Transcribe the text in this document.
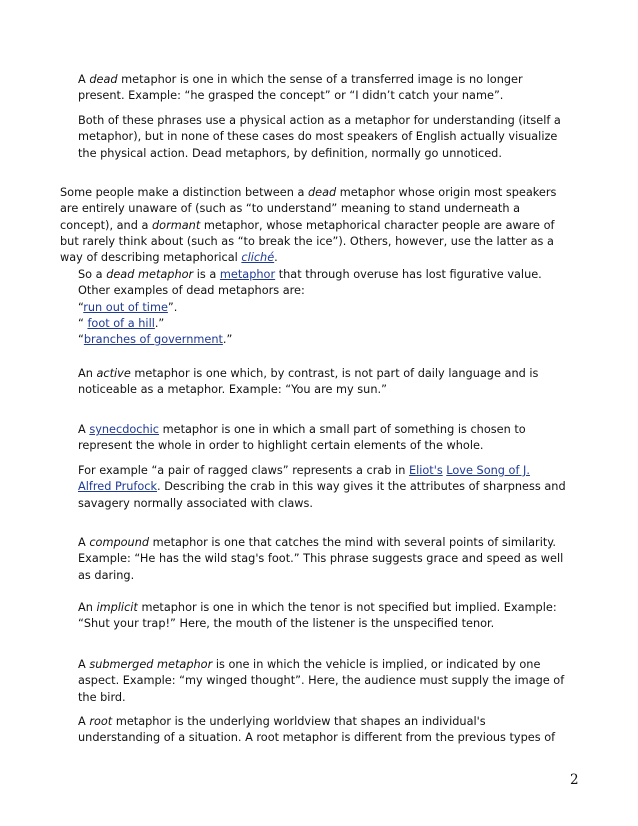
A dead metaphor is one in which the sense of a transferred image is no longer
present. Example: “he grasped the concept” or “I didn’t catch your name”.
Both of these phrases use a physical action as a metaphor for understanding (itself a
metaphor), but in none of these cases do most speakers of English actually visualize
the physical action. Dead metaphors, by definition, normally go unnoticed.
Some people make a distinction between a dead metaphor whose origin most speakers
are entirely unaware of (such as “to understand” meaning to stand underneath a
concept), and a dormant metaphor, whose metaphorical character people are aware of
but rarely think about (such as “to break the ice”). Others, however, use the latter as a
way of describing metaphorical cliché.
So a dead metaphor is a metaphor that through overuse has lost figurative value.
Other examples of dead metaphors are:
“run out of time”.
“ foot of a hill.”
“branches of government.”
An active metaphor is one which, by contrast, is not part of daily language and is
noticeable as a metaphor. Example: “You are my sun.”
A synecdochic metaphor is one in which a small part of something is chosen to
represent the whole in order to highlight certain elements of the whole.
For example “a pair of ragged claws” represents a crab in Eliot's Love Song of J.
Alfred Prufock. Describing the crab in this way gives it the attributes of sharpness and
savagery normally associated with claws.
A compound metaphor is one that catches the mind with several points of similarity.
Example: “He has the wild stag's foot.” This phrase suggests grace and speed as well
as daring.
An implicit metaphor is one in which the tenor is not specified but implied. Example:
“Shut your trap!” Here, the mouth of the listener is the unspecified tenor.
A submerged metaphor is one in which the vehicle is implied, or indicated by one
aspect. Example: “my winged thought”. Here, the audience must supply the image of
the bird.
A root metaphor is the underlying worldview that shapes an individual's
understanding of a situation. A root metaphor is different from the previous types of
2
